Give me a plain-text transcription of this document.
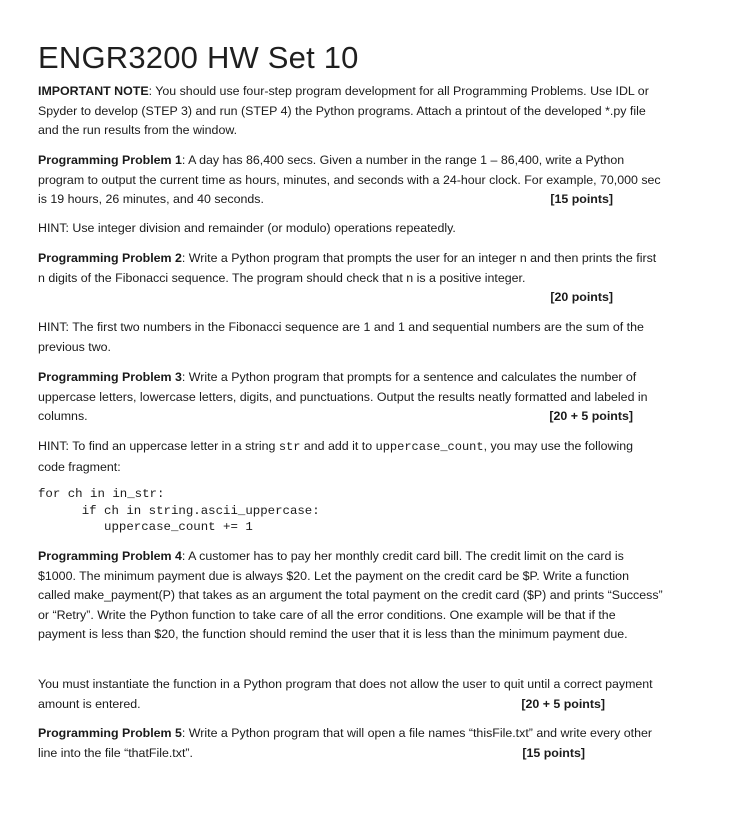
ENGR3200 HW Set 10

IMPORTANT NOTE: You should use four-step program development for all Programming Problems. Use IDL or Spyder to develop (STEP 3) and run (STEP 4) the Python programs. Attach a printout of the developed *.py file and the run results from the window.

Programming Problem 1: A day has 86,400 secs. Given a number in the range 1 – 86,400, write a Python program to output the current time as hours, minutes, and seconds with a 24-hour clock. For example, 70,000 sec is 19 hours, 26 minutes, and 40 seconds.	[15 points]

HINT: Use integer division and remainder (or modulo) operations repeatedly.

Programming Problem 2: Write a Python program that prompts the user for an integer n and then prints the first n digits of the Fibonacci sequence. The program should check that n is a positive integer.

[20 points]

HINT: The first two numbers in the Fibonacci sequence are 1 and 1 and sequential numbers are the sum of the previous two.

Programming Problem 3: Write a Python program that prompts for a sentence and calculates the number of uppercase letters, lowercase letters, digits, and punctuations. Output the results neatly formatted and labeled in columns.	[20 + 5 points]

HINT: To find an uppercase letter in a string str and add it to uppercase_count, you may use the following code fragment:

for ch in in_str:
if ch in string.ascii_uppercase:
uppercase_count += 1

Programming Problem 4: A customer has to pay her monthly credit card bill. The credit limit on the card is $1000. The minimum payment due is always $20. Let the payment on the credit card be $P. Write a function called make_payment(P) that takes as an argument the total payment on the credit card ($P) and prints “Success” or “Retry”. Write the Python function to take care of all the error conditions. One example will be that if the payment is less than $20, the function should remind the user that it is less than the minimum payment due.

You must instantiate the function in a Python program that does not allow the user to quit until a correct payment amount is entered.	[20 + 5 points]

Programming Problem 5: Write a Python program that will open a file names “thisFile.txt” and write every other line into the file “thatFile.txt”.	[15 points]
